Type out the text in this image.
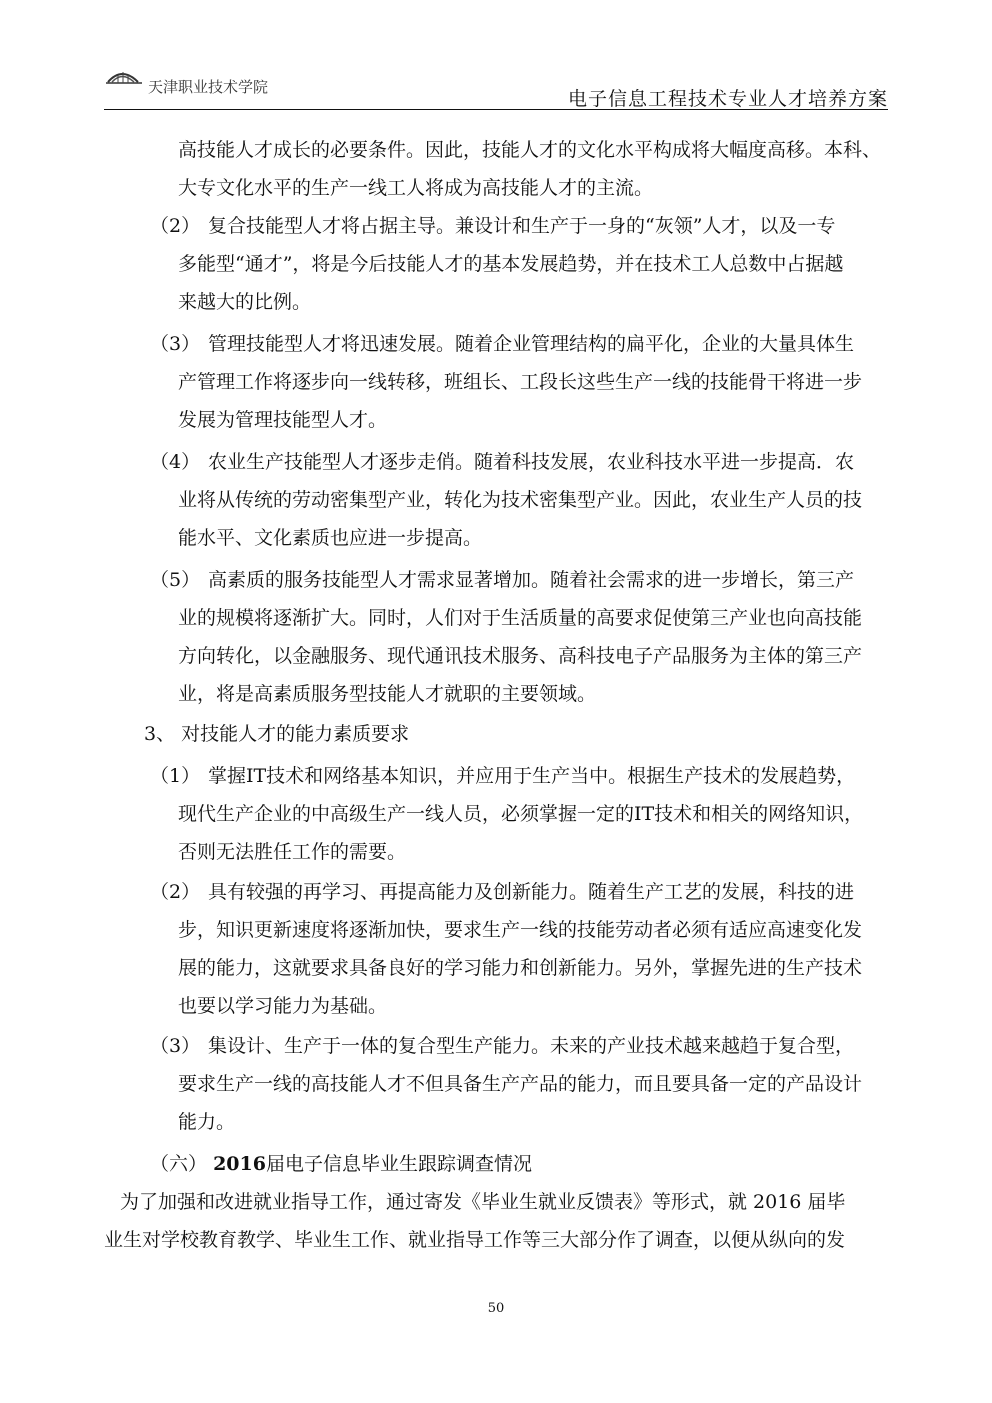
天津职业技术学院
电子信息工程技术专业人才培养方案
高技能人才成长的必要条件。因此，技能人才的文化水平构成将大幅度高移。本科、
大专文化水平的生产一线工人将成为高技能人才的主流。
（2） 复合技能型人才将占据主导。兼设计和生产于一身的“灰领”人才，以及一专
多能型“通才”，将是今后技能人才的基本发展趋势，并在技术工人总数中占据越
来越大的比例。
（3） 管理技能型人才将迅速发展。随着企业管理结构的扁平化，企业的大量具体生
产管理工作将逐步向一线转移，班组长、工段长这些生产一线的技能骨干将进一步
发展为管理技能型人才。
（4） 农业生产技能型人才逐步走俏。随着科技发展，农业科技水平进一步提高．农
业将从传统的劳动密集型产业，转化为技术密集型产业。因此，农业生产人员的技
能水平、文化素质也应进一步提高。
（5） 高素质的服务技能型人才需求显著增加。随着社会需求的进一步增长，第三产
业的规模将逐渐扩大。同时，人们对于生活质量的高要求促使第三产业也向高技能
方向转化，以金融服务、现代通讯技术服务、高科技电子产品服务为主体的第三产
业，将是高素质服务型技能人才就职的主要领域。
3、 对技能人才的能力素质要求
（1） 掌握IT技术和网络基本知识，并应用于生产当中。根据生产技术的发展趋势，
现代生产企业的中高级生产一线人员，必须掌握一定的IT技术和相关的网络知识，
否则无法胜任工作的需要。
（2） 具有较强的再学习、再提高能力及创新能力。随着生产工艺的发展，科技的进
步，知识更新速度将逐渐加快，要求生产一线的技能劳动者必须有适应高速变化发
展的能力，这就要求具备良好的学习能力和创新能力。另外，掌握先进的生产技术
也要以学习能力为基础。
（3） 集设计、生产于一体的复合型生产能力。未来的产业技术越来越趋于复合型，
要求生产一线的高技能人才不但具备生产产品的能力，而且要具备一定的产品设计
能力。
（六） 2016届电子信息毕业生跟踪调查情况
为了加强和改进就业指导工作，通过寄发《毕业生就业反馈表》等形式，就 2016 届毕
业生对学校教育教学、毕业生工作、就业指导工作等三大部分作了调查，以便从纵向的发
50
